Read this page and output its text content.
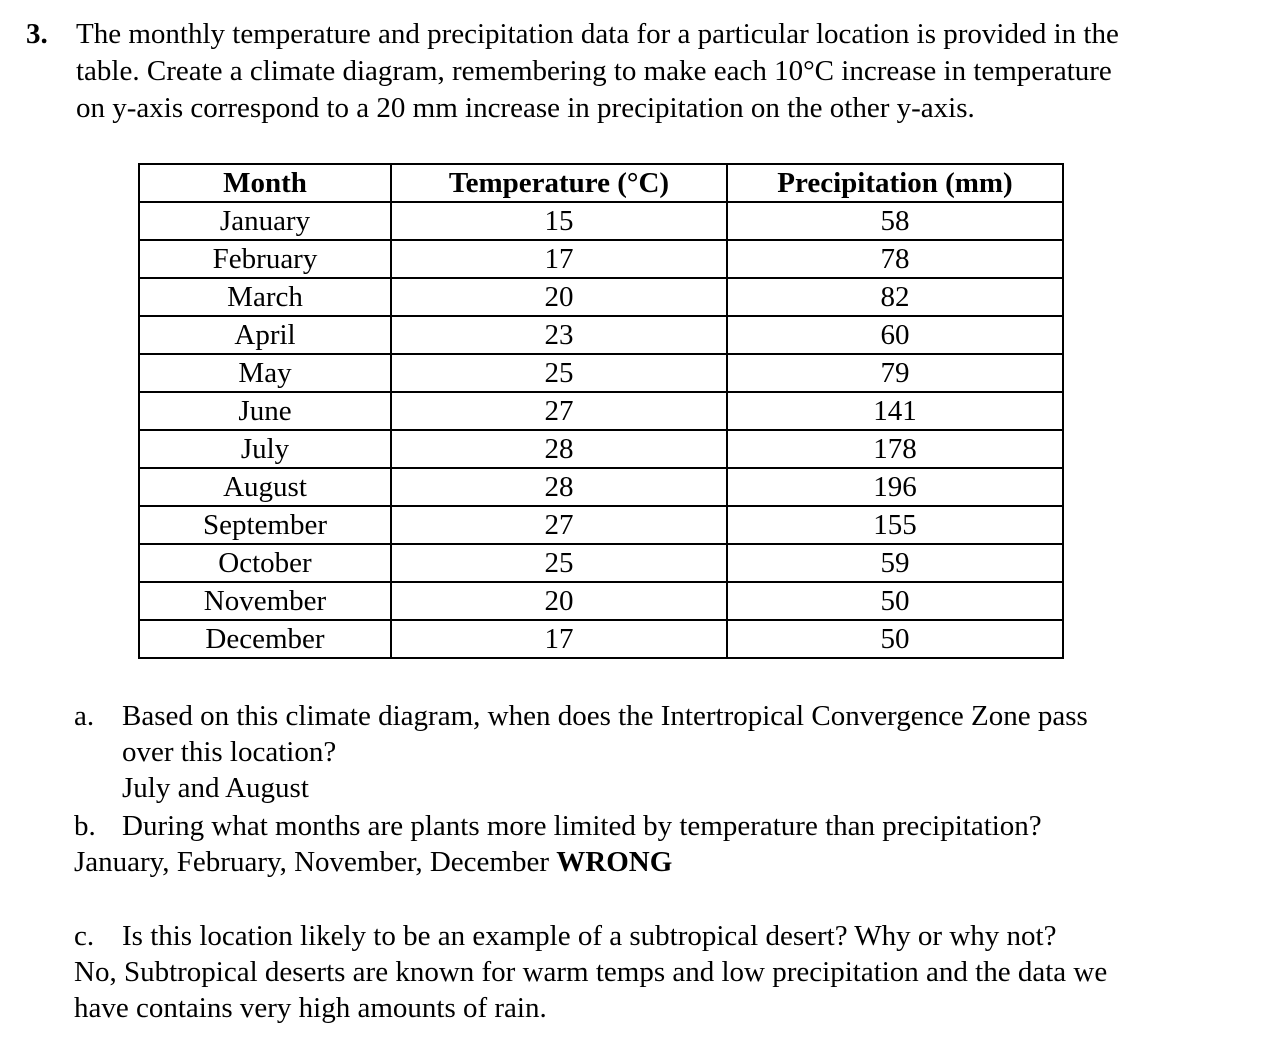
3. The monthly temperature and precipitation data for a particular location is provided in the
table. Create a climate diagram, remembering to make each 10°C increase in temperature
on y-axis correspond to a 20 mm increase in precipitation on the other y-axis.
Month	Temperature (°C)	Precipitation (mm)
January	15	58
February	17	78
March	20	82
April	23	60
May	25	79
June	27	141
July	28	178
August	28	196
September	27	155
October	25	59
November	20	50
December	17	50
a. Based on this climate diagram, when does the Intertropical Convergence Zone pass
over this location?
July and August
b. During what months are plants more limited by temperature than precipitation?
January, February, November, December WRONG
c. Is this location likely to be an example of a subtropical desert? Why or why not?
No, Subtropical deserts are known for warm temps and low precipitation and the data we
have contains very high amounts of rain.
